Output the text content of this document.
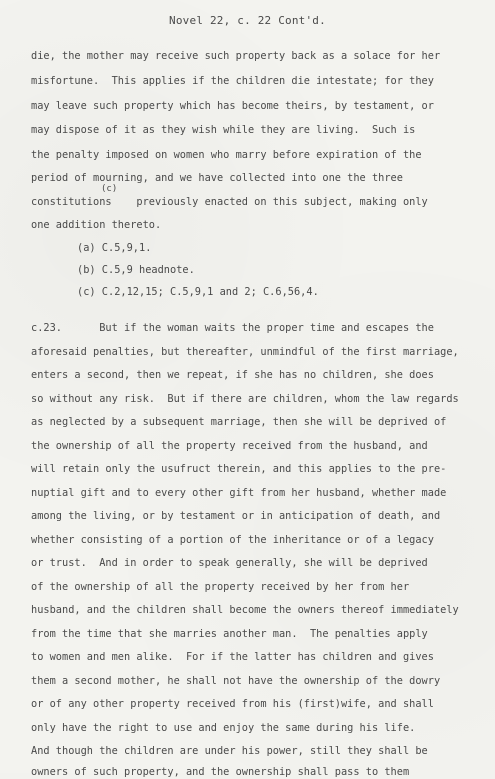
Novel 22, c. 22 Cont'd.
die, the mother may receive such property back as a solace for her
misfortune.  This applies if the children die intestate; for they
may leave such property which has become theirs, by testament, or
may dispose of it as they wish while they are living.  Such is
the penalty imposed on women who marry before expiration of the
period of mourning, and we have collected into one the three
(c)
constitutions    previously enacted on this subject, making only
one addition thereto.
(a) C.5,9,1.
(b) C.5,9 headnote.
(c) C.2,12,15; C.5,9,1 and 2; C.6,56,4.
c.23.      But if the woman waits the proper time and escapes the
aforesaid penalties, but thereafter, unmindful of the first marriage,
enters a second, then we repeat, if she has no children, she does
so without any risk.  But if there are children, whom the law regards
as neglected by a subsequent marriage, then she will be deprived of
the ownership of all the property received from the husband, and
will retain only the usufruct therein, and this applies to the pre-
nuptial gift and to every other gift from her husband, whether made
among the living, or by testament or in anticipation of death, and
whether consisting of a portion of the inheritance or of a legacy
or trust.  And in order to speak generally, she will be deprived
of the ownership of all the property received by her from her
husband, and the children shall become the owners thereof immediately
from the time that she marries another man.  The penalties apply
to women and men alike.  For if the latter has children and gives
them a second mother, he shall not have the ownership of the dowry
or of any other property received from his (first)wife, and shall
only have the right to use and enjoy the same during his life.
And though the children are under his power, still they shall be
owners of such property, and the ownership shall pass to them
